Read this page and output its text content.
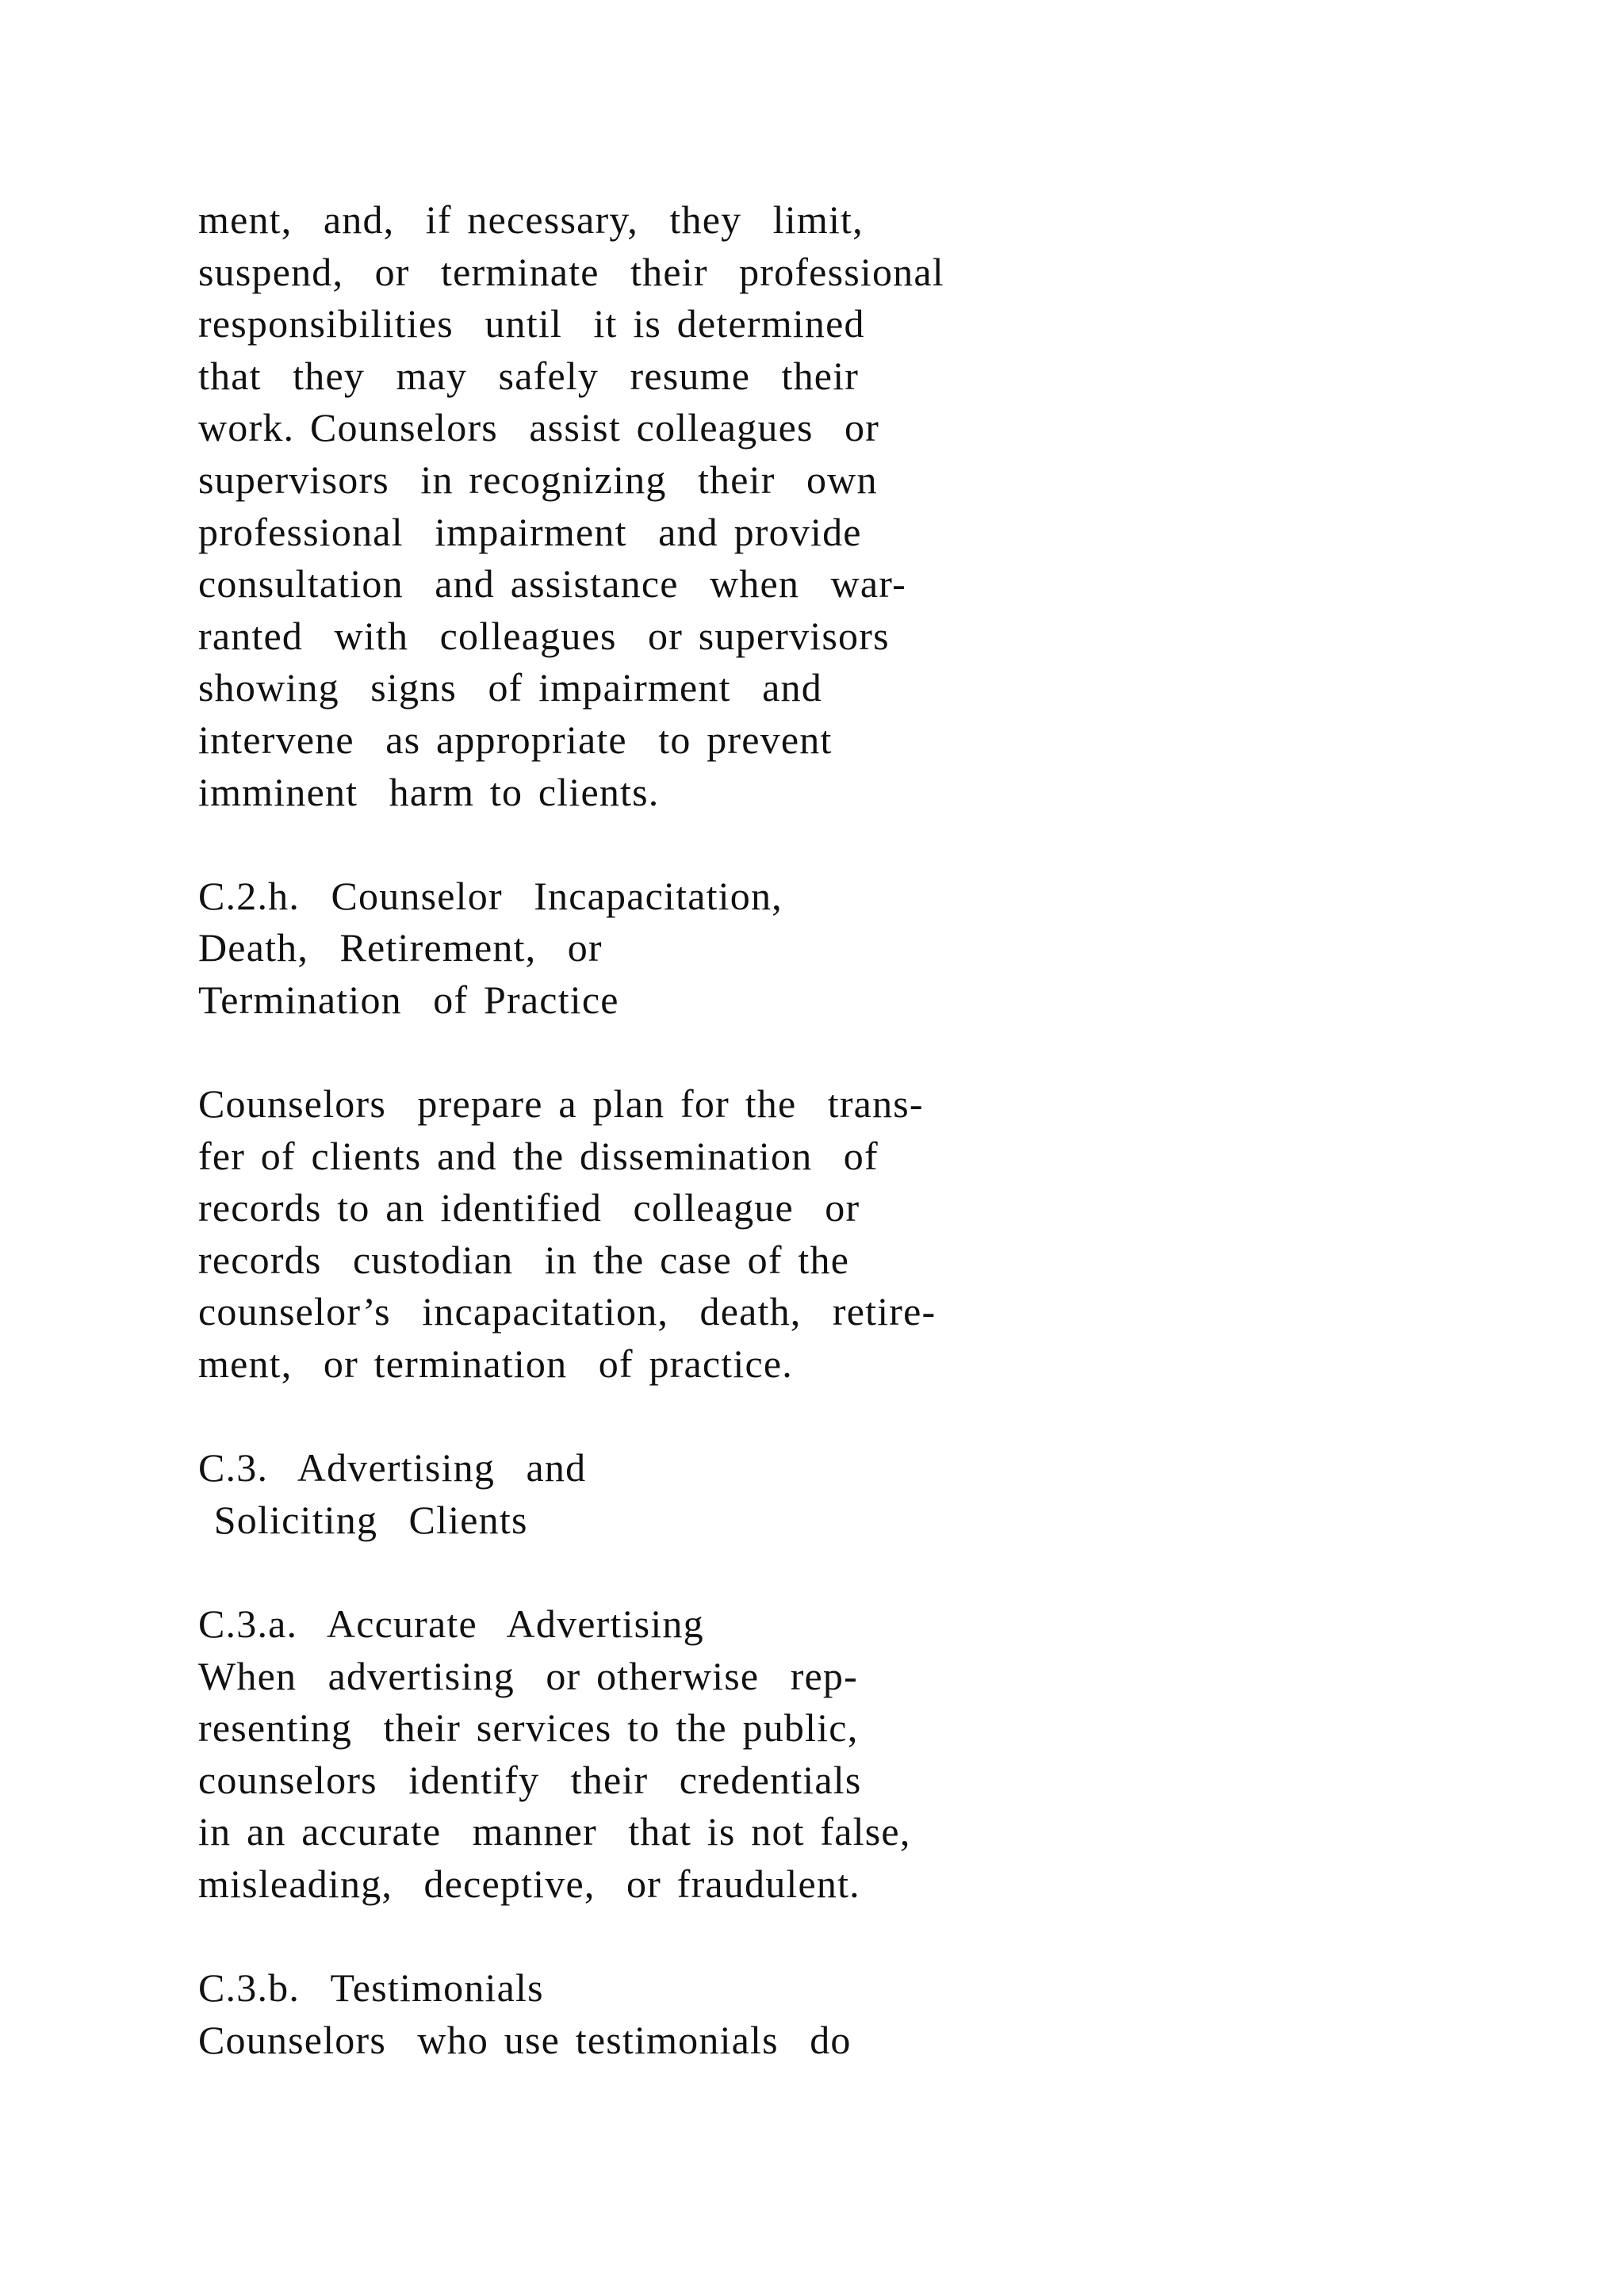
ment,  and,  if necessary,  they  limit,
suspend,  or  terminate  their  professional
responsibilities  until  it is determined
that  they  may  safely  resume  their
work. Counselors  assist colleagues  or
supervisors  in recognizing  their  own
professional  impairment  and provide
consultation  and assistance  when  war-
ranted  with  colleagues  or supervisors
showing  signs  of impairment  and
intervene  as appropriate  to prevent
imminent  harm to clients.
C.2.h.  Counselor  Incapacitation,
Death,  Retirement,  or
Termination  of Practice
Counselors  prepare a plan for the  trans-
fer of clients and the dissemination  of
records to an identified  colleague  or
records  custodian  in the case of the
counselor’s  incapacitation,  death,  retire-
ment,  or termination  of practice.
C.3.  Advertising  and
Soliciting  Clients
C.3.a.  Accurate  Advertising
When  advertising  or otherwise  rep-
resenting  their services to the public,
counselors  identify  their  credentials
in an accurate  manner  that is not false,
misleading,  deceptive,  or fraudulent.
C.3.b.  Testimonials
Counselors  who use testimonials  do
